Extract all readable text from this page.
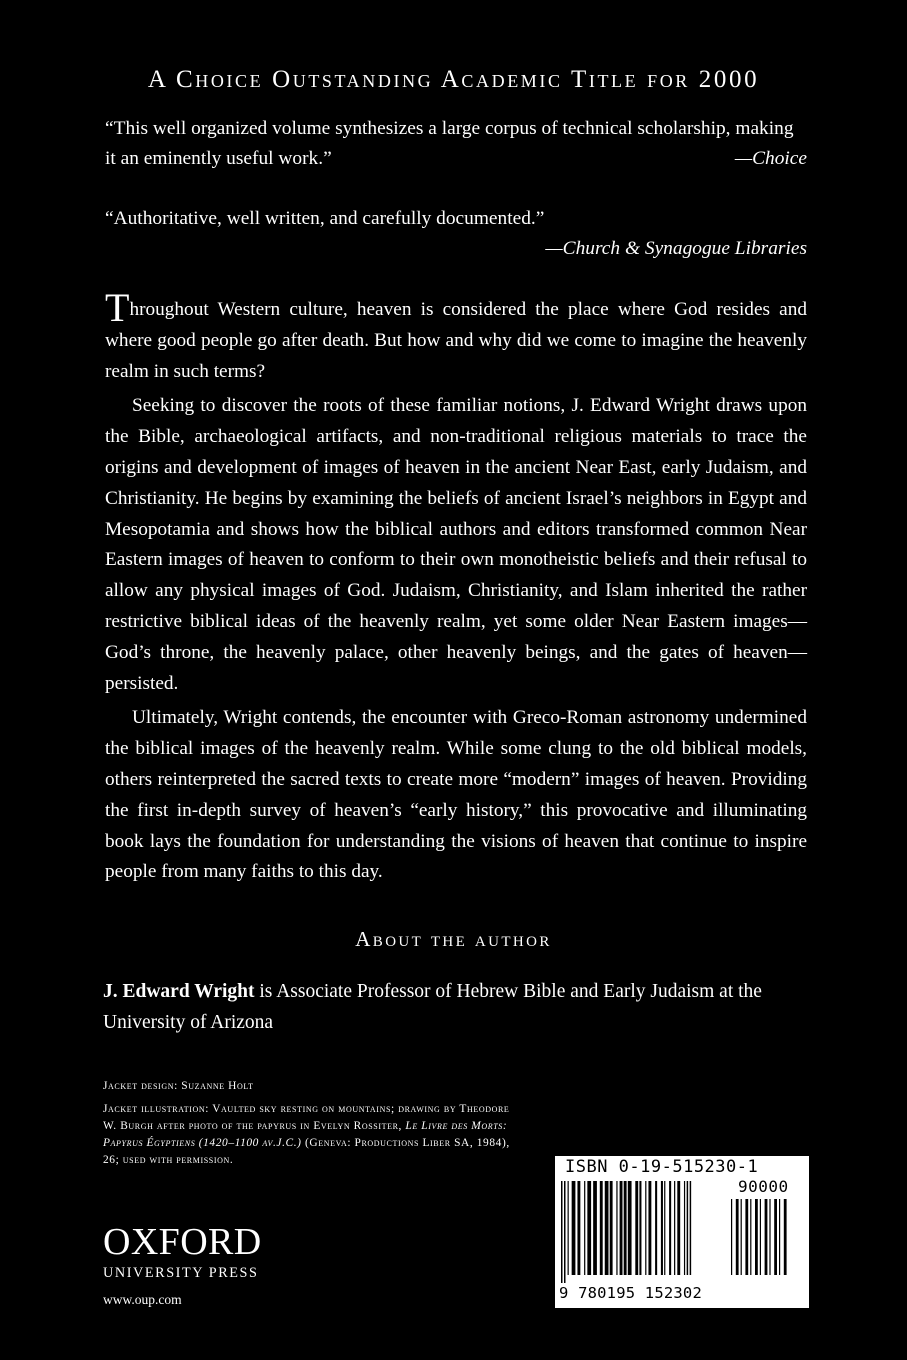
A Choice Outstanding Academic Title for 2000

“This well organized volume synthesizes a large corpus of technical scholarship, making it an eminently useful work.”	—Choice

“Authoritative, well written, and carefully documented.”
—Church & Synagogue Libraries

Throughout Western culture, heaven is considered the place where God resides and where good people go after death. But how and why did we come to imagine the heavenly realm in such terms?

Seeking to discover the roots of these familiar notions, J. Edward Wright draws upon the Bible, archaeological artifacts, and non-traditional religious materials to trace the origins and development of images of heaven in the ancient Near East, early Judaism, and Christianity. He begins by examining the beliefs of ancient Israel’s neighbors in Egypt and Mesopotamia and shows how the biblical authors and editors transformed common Near Eastern images of heaven to conform to their own monotheistic beliefs and their refusal to allow any physical images of God. Judaism, Christianity, and Islam inherited the rather restrictive biblical ideas of the heavenly realm, yet some older Near Eastern images—God’s throne, the heavenly palace, other heavenly beings, and the gates of heaven—persisted.

Ultimately, Wright contends, the encounter with Greco-Roman astronomy undermined the biblical images of the heavenly realm. While some clung to the old biblical models, others reinterpreted the sacred texts to create more “modern” images of heaven. Providing the first in-depth survey of heaven’s “early history,” this provocative and illuminating book lays the foundation for understanding the visions of heaven that continue to inspire people from many faiths to this day.

About the author

J. Edward Wright is Associate Professor of Hebrew Bible and Early Judaism at the University of Arizona

Jacket design: Suzanne Holt

Jacket illustration: Vaulted sky resting on mountains; drawing by Theodore W. Burgh after photo of the papyrus in Evelyn Rossiter, Le Livre des Morts: Papyrus Égyptiens (1420–1100 av.J.C.) (Geneva: Productions Liber SA, 1984), 26; used with permission.

OXFORD
UNIVERSITY PRESS
www.oup.com
ISBN 0-19-515230-1
90000
9 780195 152302
